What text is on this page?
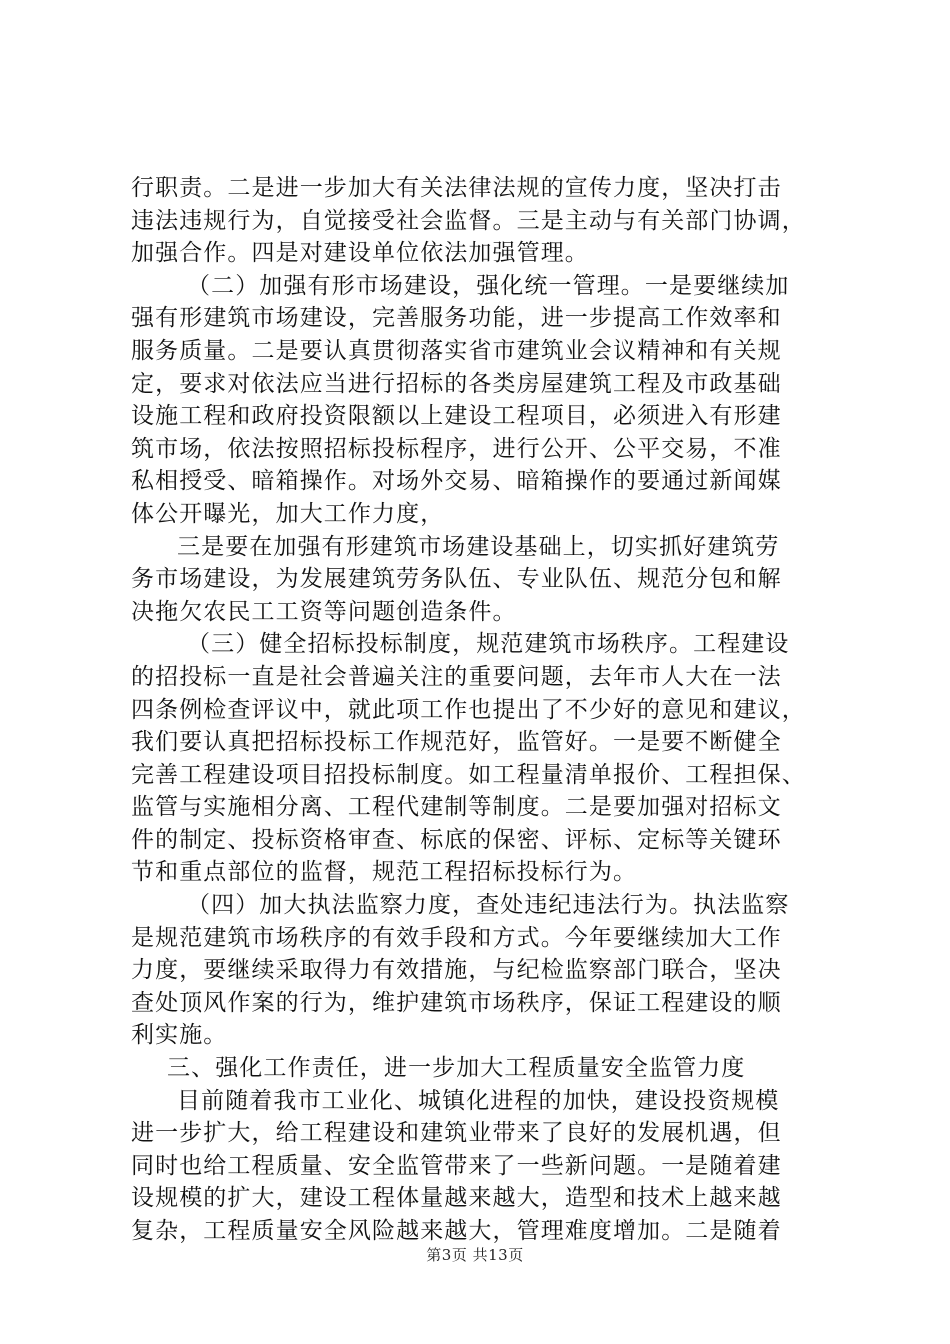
行职责。二是进一步加大有关法律法规的宣传力度，坚决打击
违法违规行为，自觉接受社会监督。三是主动与有关部门协调，
加强合作。四是对建设单位依法加强管理。
（二）加强有形市场建设，强化统一管理。一是要继续加
强有形建筑市场建设，完善服务功能，进一步提高工作效率和
服务质量。二是要认真贯彻落实省市建筑业会议精神和有关规
定，要求对依法应当进行招标的各类房屋建筑工程及市政基础
设施工程和政府投资限额以上建设工程项目，必须进入有形建
筑市场，依法按照招标投标程序，进行公开、公平交易，不准
私相授受、暗箱操作。对场外交易、暗箱操作的要通过新闻媒
体公开曝光，加大工作力度，
三是要在加强有形建筑市场建设基础上，切实抓好建筑劳
务市场建设，为发展建筑劳务队伍、专业队伍、规范分包和解
决拖欠农民工工资等问题创造条件。
（三）健全招标投标制度，规范建筑市场秩序。工程建设
的招投标一直是社会普遍关注的重要问题，去年市人大在一法
四条例检查评议中，就此项工作也提出了不少好的意见和建议，
我们要认真把招标投标工作规范好，监管好。一是要不断健全
完善工程建设项目招投标制度。如工程量清单报价、工程担保、
监管与实施相分离、工程代建制等制度。二是要加强对招标文
件的制定、投标资格审查、标底的保密、评标、定标等关键环
节和重点部位的监督，规范工程招标投标行为。
（四）加大执法监察力度，查处违纪违法行为。执法监察
是规范建筑市场秩序的有效手段和方式。今年要继续加大工作
力度，要继续采取得力有效措施，与纪检监察部门联合，坚决
查处顶风作案的行为，维护建筑市场秩序，保证工程建设的顺
利实施。
三、强化工作责任，进一步加大工程质量安全监管力度
目前随着我市工业化、城镇化进程的加快，建设投资规模
进一步扩大，给工程建设和建筑业带来了良好的发展机遇，但
同时也给工程质量、安全监管带来了一些新问题。一是随着建
设规模的扩大，建设工程体量越来越大，造型和技术上越来越
复杂，工程质量安全风险越来越大，管理难度增加。二是随着
第3页 共13页
